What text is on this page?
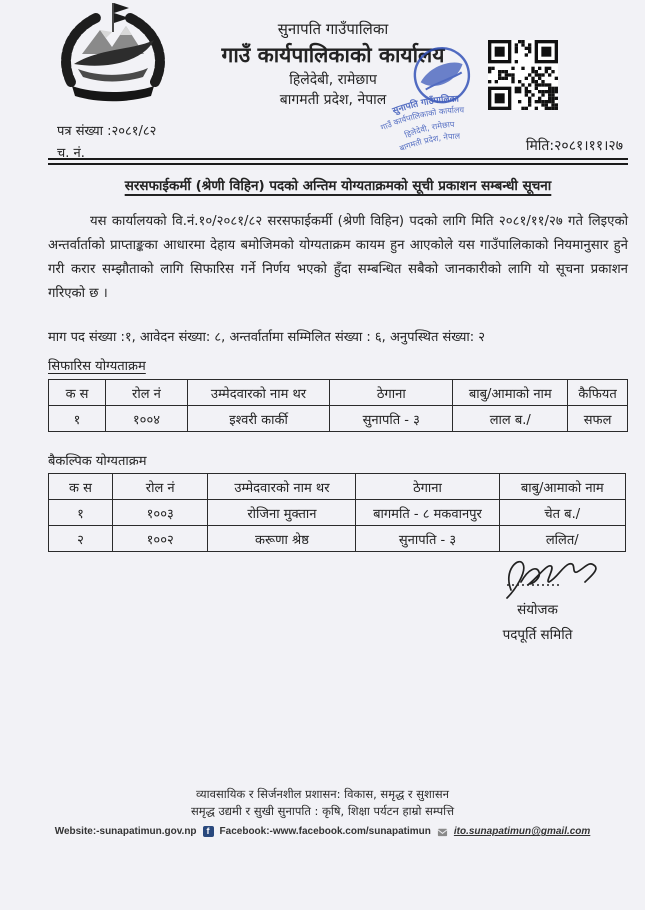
सुनापति गाउँपालिका
गाउँ कार्यपालिकाको कार्यालय
हिलेदेबी, रामेछाप
बागमती प्रदेश, नेपाल
सुनापति गाउँपालिका
गाउँ कार्यपालिकाको कार्यालय
हिलेदेवी, रामेछाप
बागमती प्रदेश, नेपाल
पत्र संख्या :२०८१/८२
च. नं.	मिति:२०८१।११।२७
सरसफाईकर्मी (श्रेणी विहिन) पदको अन्तिम योग्यताक्रमको सूची प्रकाशन सम्बन्धी सूचना
यस कार्यालयको वि.नं.१०/२०८१/८२ सरसफाईकर्मी (श्रेणी विहिन) पदको लागि मिति २०८१/११/२७ गते लिइएको अन्तर्वार्ताको प्राप्ताङ्कका आधारमा देहाय बमोजिमको योग्यताक्रम कायम हुन आएकोले यस गाउँपालिकाको नियमानुसार हुने गरी करार सम्झौताको लागि सिफारिस गर्ने निर्णय भएको हुँदा सम्बन्धित सबैको जानकारीको लागि यो सूचना प्रकाशन गरिएको छ ।
माग पद संख्या :१, आवेदन संख्या: ८, अन्तर्वार्तामा सम्मिलित संख्या : ६, अनुपस्थित संख्या: २
सिफारिस योग्यताक्रम
क स	रोल नं	उम्मेदवारको नाम थर	ठेगाना	बाबु/आमाको नाम	कैफियत
१	१००४	इश्वरी कार्की	सुनापति - ३	लाल ब./	सफल
बैकल्पिक योग्यताक्रम
क स	रोल नं	उम्मेदवारको नाम थर	ठेगाना	बाबु/आमाको नाम
१	१००३	रोजिना मुक्तान	बागमति - ८ मकवानपुर	चेत ब./
२	१००२	करूणा श्रेष्ठ	सुनापति - ३	ललित/
संयोजक
पदपूर्ति समिति
व्यावसायिक र सिर्जनशील प्रशासन: विकास, समृद्ध र सुशासन
समृद्ध उद्यमी र सुखी सुनापति : कृषि, शिक्षा पर्यटन हाम्रो सम्पत्ति
Website:-sunapatimun.gov.np	f	Facebook:-www.facebook.com/sunapatimun ito.sunapatimun@gmail.com
